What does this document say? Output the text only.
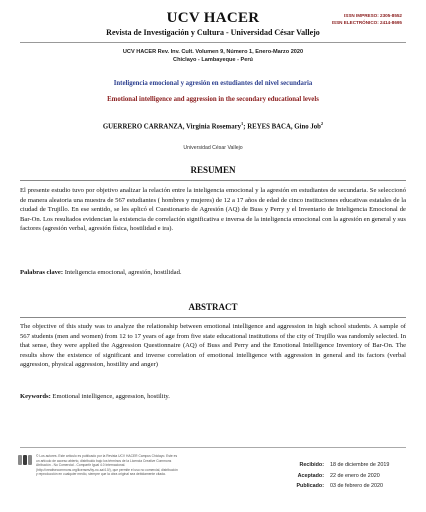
UCV HACER	ISSN IMPRESO: 2305-8552
ISSN ELECTRÓNICO: 2414-8695
Revista de Investigación y Cultura - Universidad César Vallejo
UCV HACER Rev. Inv. Cult. Volumen 9, Número 1, Enero-Marzo 2020
Chiclayo - Lambayeque - Perú
Inteligencia emocional y agresión en estudiantes del nivel secundaria
Emotional intelligence and aggression in the secondary educational levels
GUERRERO CARRANZA, Virginia Rosemary$^1$; REYES BACA, Gino Job$^2$
Universidad César Vallejo
RESUMEN
El presente estudio tuvo por objetivo analizar la relación entre la inteligencia emocional y la agresión en estudiantes de secundaria. Se seleccionó de manera aleatoria una muestra de 567 estudiantes ( hombres y mujeres) de 12 a 17 años de edad de cinco instituciones educativas estatales de la ciudad de Trujillo. En ese sentido, se les aplicó el Cuestionario de Agresión (AQ) de Buss y Perry y el Inventario de Inteligencia Emocional de Bar-On. Los resultados evidencian la existencia de correlación significativa e inversa de la inteligencia emocional con la agresión en general y sus factores (agresión verbal, agresión física, hostilidad e ira).
Palabras clave: Inteligencia emocional, agresión, hostilidad.
ABSTRACT
The objective of this study was to analyze the relationship between emotional intelligence and aggression in high school students. A sample of 567 students (men and women) from 12 to 17 years of age from five state educational institutions of the city of Trujillo was randomly selected. In that sense, they were applied the Aggression Questionnaire (AQ) of Buss and Perry and the Emotional Intelligence Inventory of Bar-On. The results show the existence of significant and inverse correlation of emotional intelligence with aggression in general and its factors (verbal aggression, physical aggression, hostility and anger)
Keywords: Emotional intelligence, aggression, hostility.
© Los autores. Este artículo es publicado por la Revista UCV HACER Campus Chiclayo. Este es un artículo de acceso abierto, distribuido bajo los términos de la Licencia Creative Commons Atribución - No Comercial - Compartir Igual 4.0 Internacional. (http://creativecommons.org/licenses/by-nc-sa/4.0/), que permite el uso no comercial, distribución y reproducción en cualquier medio, siempre que la obra original sea debidamente citada.
Recibido:	18 de diciembre de 2019
Aceptado:	22 de enero de 2020
Publicado:	03 de febrero de 2020
